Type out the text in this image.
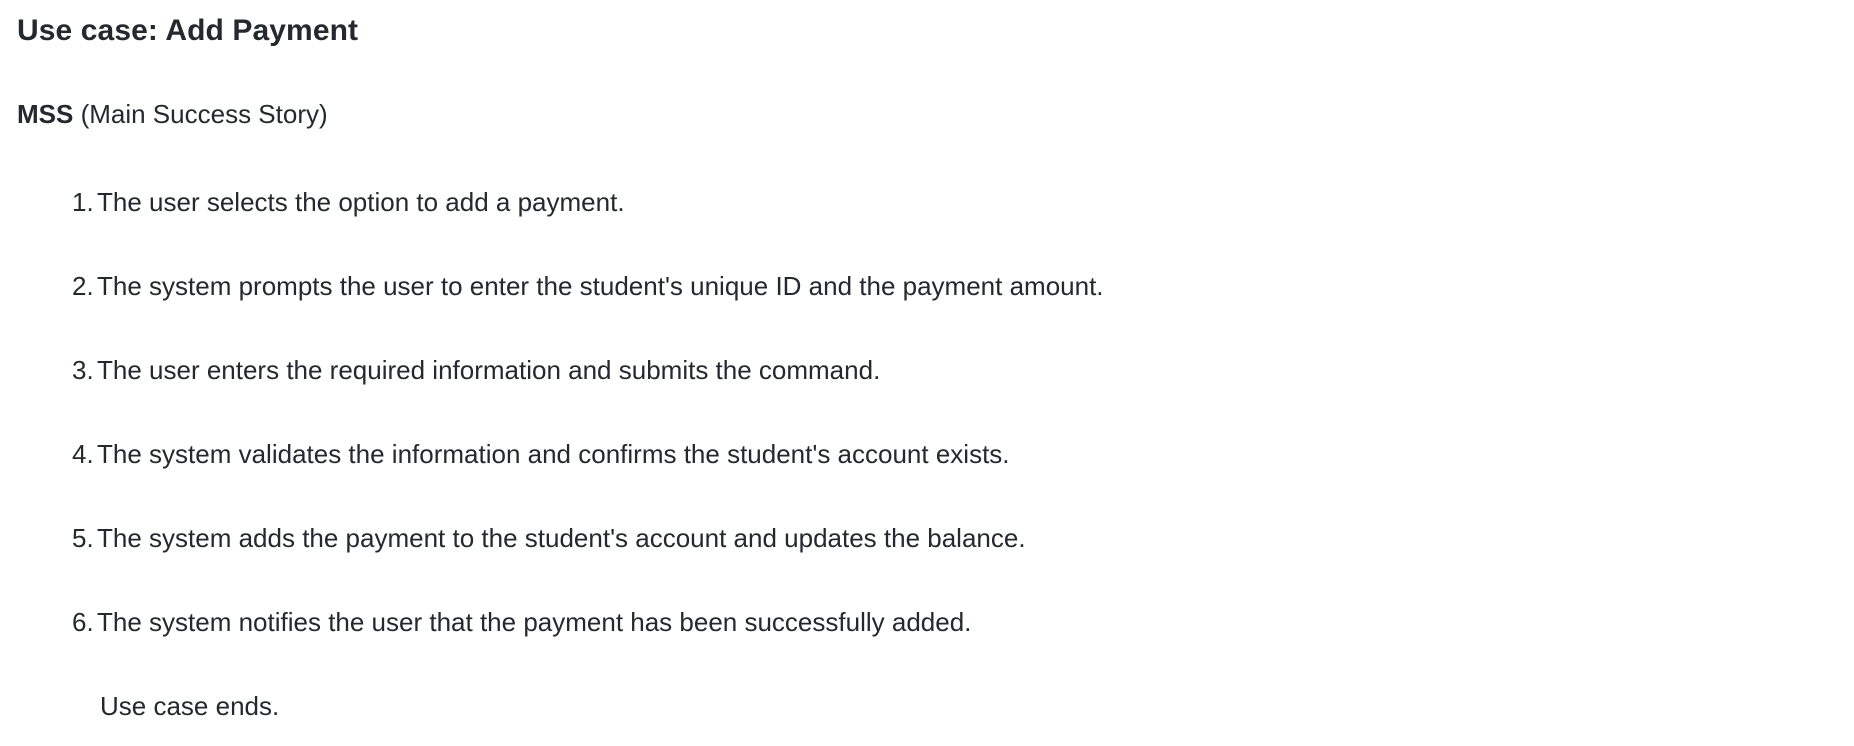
Use case: Add Payment

MSS (Main Success Story)

1. The user selects the option to add a payment.
2. The system prompts the user to enter the student's unique ID and the payment amount.
3. The user enters the required information and submits the command.
4. The system validates the information and confirms the student's account exists.
5. The system adds the payment to the student's account and updates the balance.
6. The system notifies the user that the payment has been successfully added.

Use case ends.
